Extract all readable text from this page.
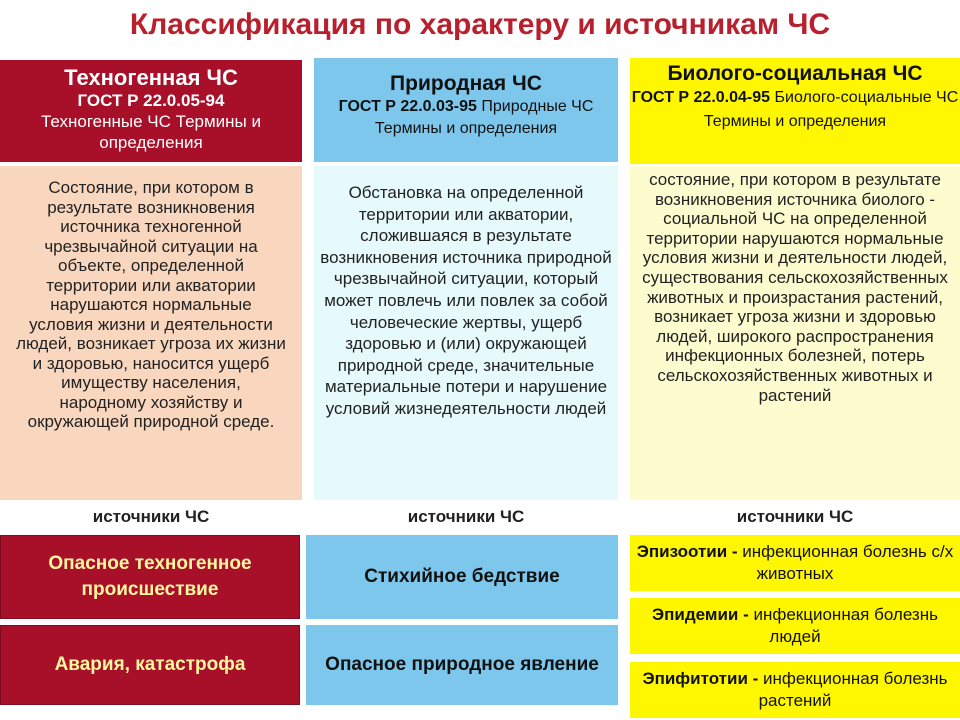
Классификация по характеру и источникам ЧС
Техногенная ЧС
ГОСТ Р 22.0.05-94
Техногенные ЧС Термины и определения
Состояние, при котором в результате возникновения источника техногенной чрезвычайной ситуации на объекте, определенной территории или акватории нарушаются нормальные условия жизни и деятельности людей, возникает угроза их жизни и здоровью, наносится ущерб имуществу населения, народному хозяйству и окружающей природной среде.
Природная ЧС
ГОСТ Р 22.0.03-95 Природные ЧС Термины и определения
Обстановка на определенной территории или акватории, сложившаяся в результате возникновения источника природной чрезвычайной ситуации, который может повлечь или повлек за собой человеческие жертвы, ущерб здоровью и (или) окружающей природной среде, значительные материальные потери и нарушение условий жизнедеятельности людей
Биолого-социальная ЧС
ГОСТ Р 22.0.04-95 Биолого-социальные ЧС Термины и определения
состояние, при котором в результате возникновения источника биолого - социальной ЧС на определенной территории нарушаются нормальные условия жизни и деятельности людей, существования сельскохозяйственных животных и произрастания растений, возникает угроза жизни и здоровью людей, широкого распространения инфекционных болезней, потерь сельскохозяйственных животных и растений
источники ЧС	источники ЧС	источники ЧС
Опасное техногенное происшествие
Авария, катастрофа
Стихийное бедствие
Опасное природное явление
Эпизоотии - инфекционная болезнь с/х животных
Эпидемии - инфекционная болезнь людей
Эпифитотии - инфекционная болезнь растений
